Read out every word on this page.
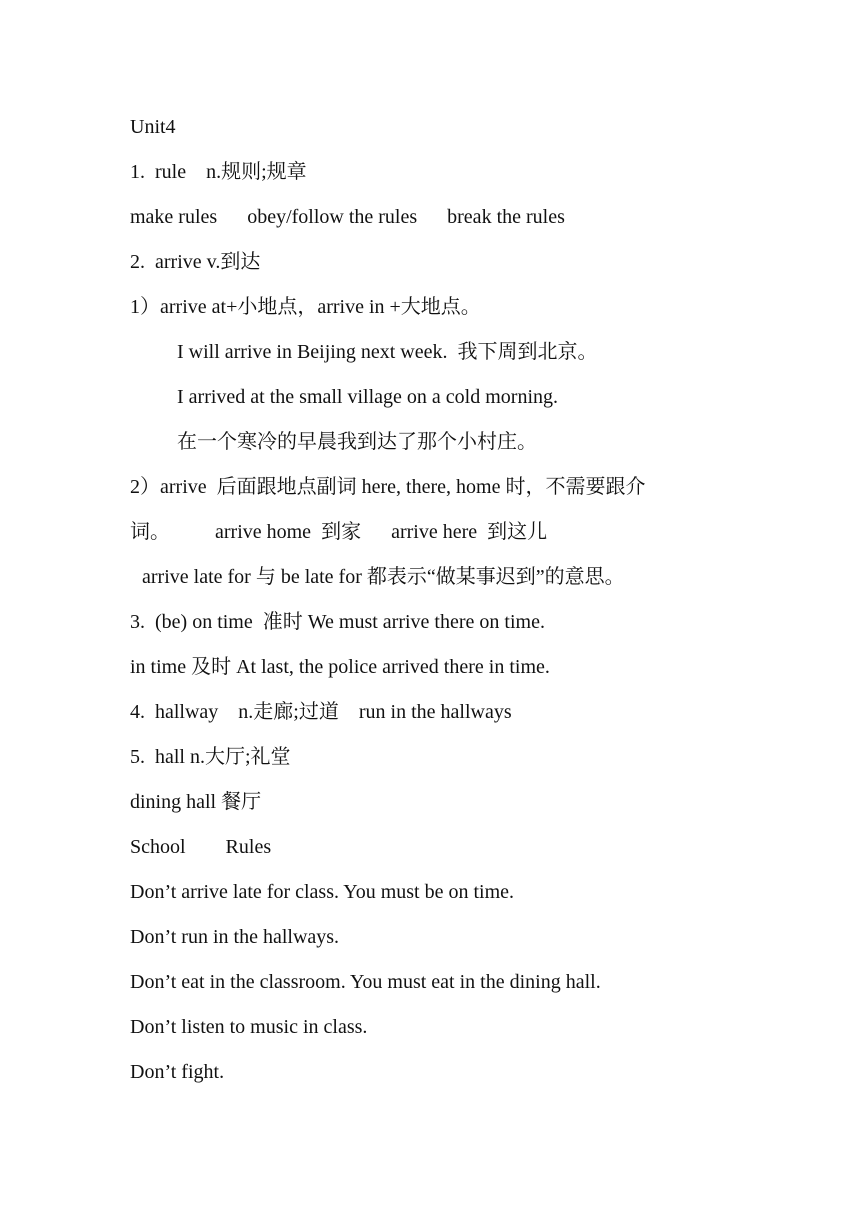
Unit4

1.  rule    n.规则;规章

make rules      obey/follow the rules      break the rules

2.  arrive v.到达

1）arrive at+小地点，arrive in +大地点。

I will arrive in Beijing next week.  我下周到北京。

I arrived at the small village on a cold morning.

在一个寒冷的早晨我到达了那个小村庄。

2）arrive  后面跟地点副词 here, there, home 时，不需要跟介

词。         arrive home  到家      arrive here  到这儿

arrive late for 与 be late for 都表示“做某事迟到”的意思。

3.  (be) on time  准时 We must arrive there on time.

in time 及时 At last, the police arrived there in time.

4.  hallway    n.走廊;过道    run in the hallways

5.  hall n.大厅;礼堂

dining hall 餐厅

School        Rules

Don’t arrive late for class. You must be on time.

Don’t run in the hallways.

Don’t eat in the classroom. You must eat in the dining hall.

Don’t listen to music in class.

Don’t fight.
